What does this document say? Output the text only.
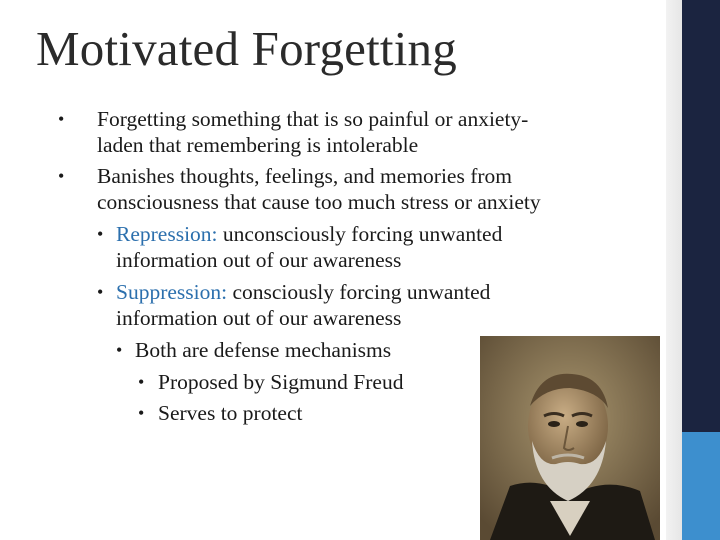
Motivated Forgetting
• Forgetting something that is so painful or anxiety-
laden that remembering is intolerable
• Banishes thoughts, feelings, and memories from
consciousness that cause too much stress or anxiety
• Repression: unconsciously forcing unwanted
information out of our awareness
• Suppression: consciously forcing unwanted
information out of our awareness
• Both are defense mechanisms
• Proposed by Sigmund Freud
• Serves to protect
